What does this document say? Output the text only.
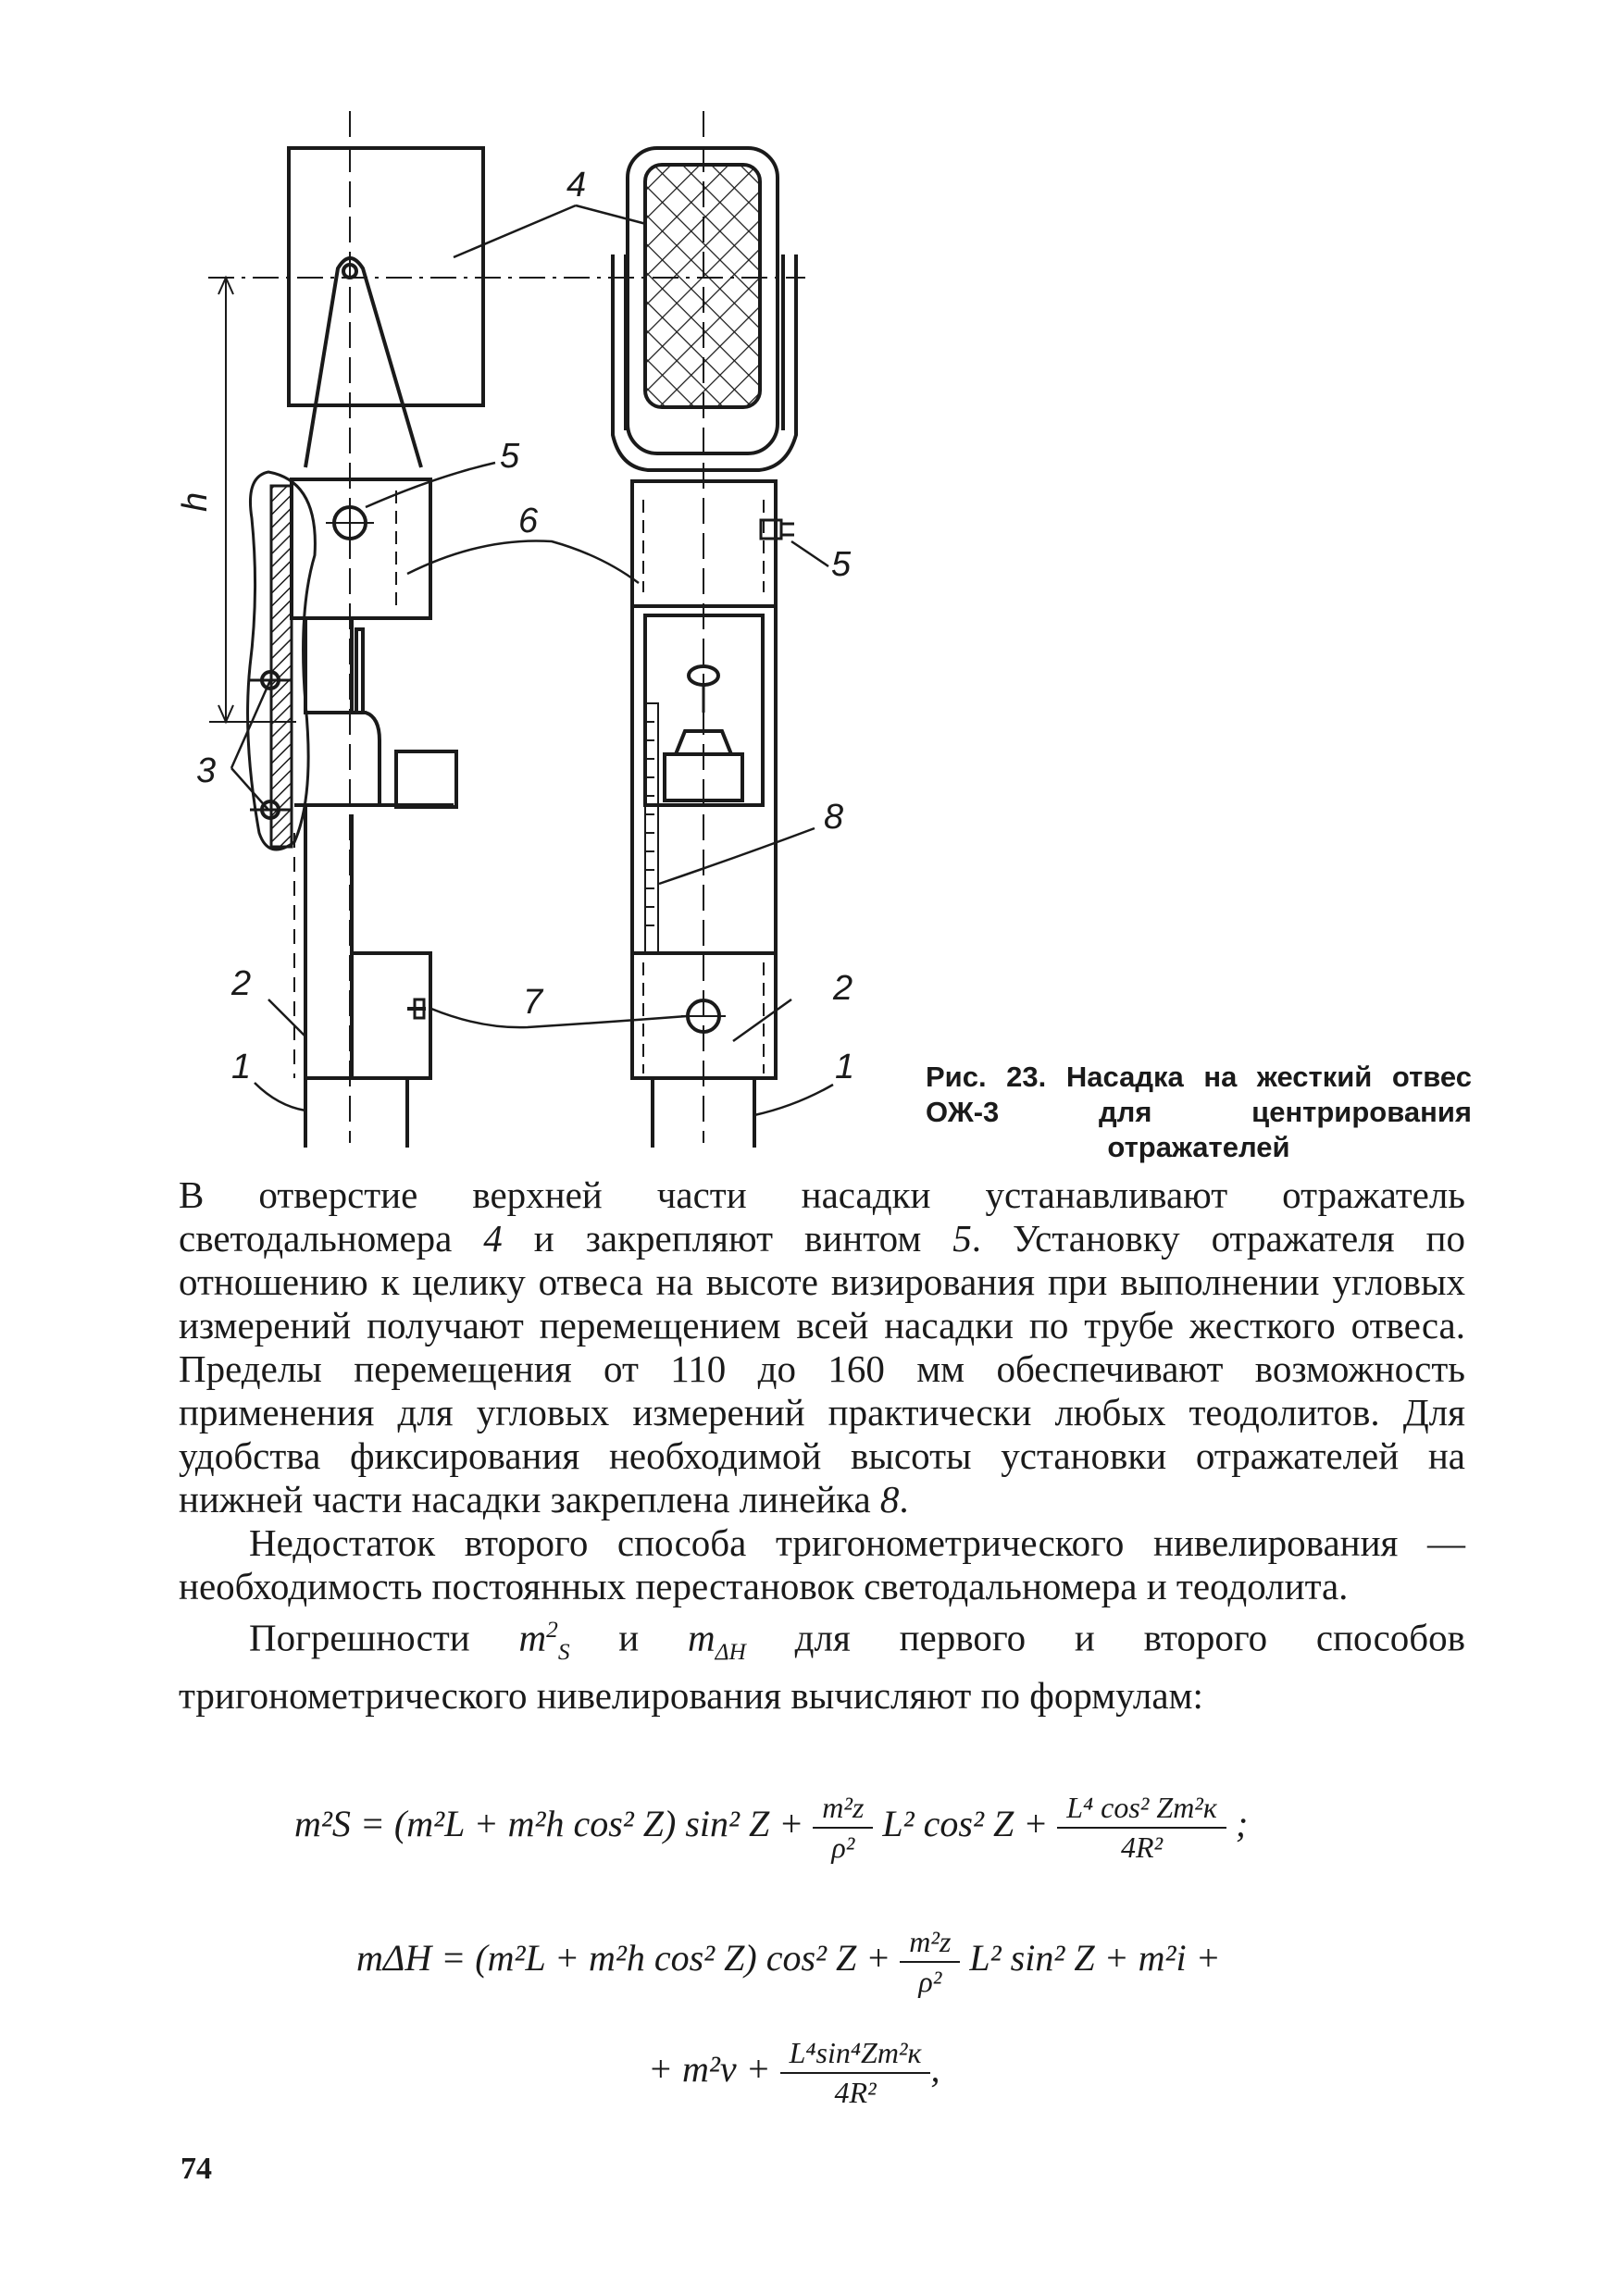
4
5
6
5
h
3
8
2	7	2
1	1 Рис. 23. Насадка на жесткий отвес ОЖ-3 для центрирования отражателей

В отверстие верхней части насадки устанавливают отражатель светодальномера 4 и закрепляют винтом 5. Установку отражателя по отношению к целику отвеса на высоте визирования при выполнении угловых измерений получают перемещением всей насадки по трубе жесткого отвеса. Пределы перемещения от 110 до 160 мм обеспечивают возможность применения для угловых измерений практически любых теодолитов. Для удобства фиксирования необходимой высоты установки отражателей на нижней части насадки закреплена линейка 8.

Недостаток второго способа тригонометрического нивелирования — необходимость постоянных перестановок светодальномера и теодолита.

Погрешности $m^2_S$ и $m_{\Delta Н}$ для первого и второго способов тригонометрического нивелирования вычисляют по формулам:

m²S = (m²L + m²h cos² Z) sin² $Z + \frac{\text{m²z}}{\text{ρ²}} L^2$ cos² $Z + \frac{\text{L⁴ cos² Zm²к}}{\text{4R²}}$ ;
mΔH = (m²L + m²h cos² Z) cos² $Z + \frac{\text{m²z}}{\text{ρ²}} L^2$ sin² Z + m²i +
+ $m^2v + \frac{\text{L⁴sin⁴Zm²к}}{\text{4R²}}$ ,
74
